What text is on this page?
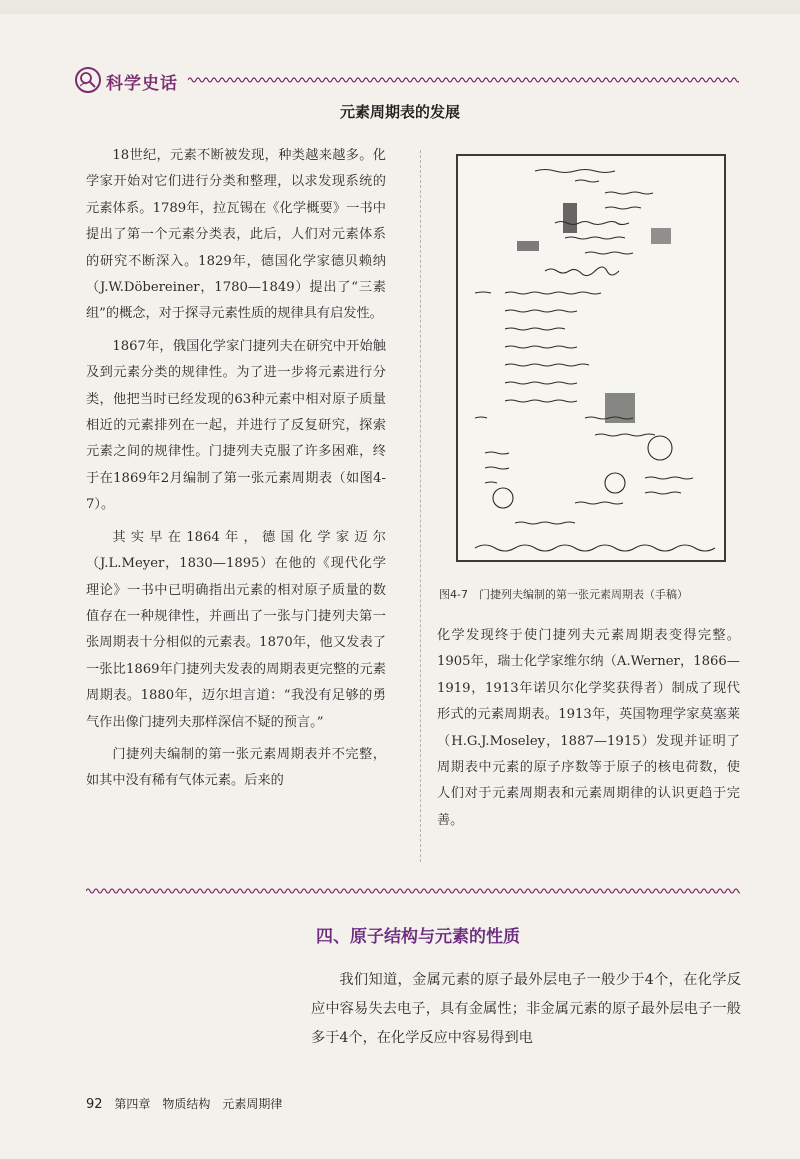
科学史话
元素周期表的发展

18世纪，元素不断被发现，种类越来越多。化学家开始对它们进行分类和整理，以求发现系统的元素体系。1789年，拉瓦锡在《化学概要》一书中提出了第一个元素分类表，此后，人们对元素体系的研究不断深入。1829年，德国化学家德贝赖纳（J.W.Döbereiner，1780—1849）提出了“三素组”的概念，对于探寻元素性质的规律具有启发性。

1867年，俄国化学家门捷列夫在研究中开始触及到元素分类的规律性。为了进一步将元素进行分类，他把当时已经发现的63种元素中相对原子质量相近的元素排列在一起，并进行了反复研究，探索元素之间的规律性。门捷列夫克服了许多困难，终于在1869年2月编制了第一张元素周期表（如图4-7）。

其实早在1864年，德国化学家迈尔（J.L.Meyer，1830—1895）在他的《现代化学理论》一书中已明确指出元素的相对原子质量的数值存在一种规律性，并画出了一张与门捷列夫第一张周期表十分相似的元素表。1870年，他又发表了一张比1869年门捷列夫发表的周期表更完整的元素周期表。1880年，迈尔坦言道：“我没有足够的勇气作出像门捷列夫那样深信不疑的预言。”

门捷列夫编制的第一张元素周期表并不完整，如其中没有稀有气体元素。后来的

图4-7　门捷列夫编制的第一张元素周期表（手稿）

化学发现终于使门捷列夫元素周期表变得完整。1905年，瑞士化学家维尔纳（A.Werner，1866—1919，1913年诺贝尔化学奖获得者）制成了现代形式的元素周期表。1913年，英国物理学家莫塞莱（H.G.J.Moseley，1887—1915）发现并证明了周期表中元素的原子序数等于原子的核电荷数，使人们对于元素周期表和元素周期律的认识更趋于完善。

四、原子结构与元素的性质

我们知道，金属元素的原子最外层电子一般少于4个，在化学反应中容易失去电子，具有金属性；非金属元素的原子最外层电子一般多于4个，在化学反应中容易得到电

92 第四章　物质结构　元素周期律
